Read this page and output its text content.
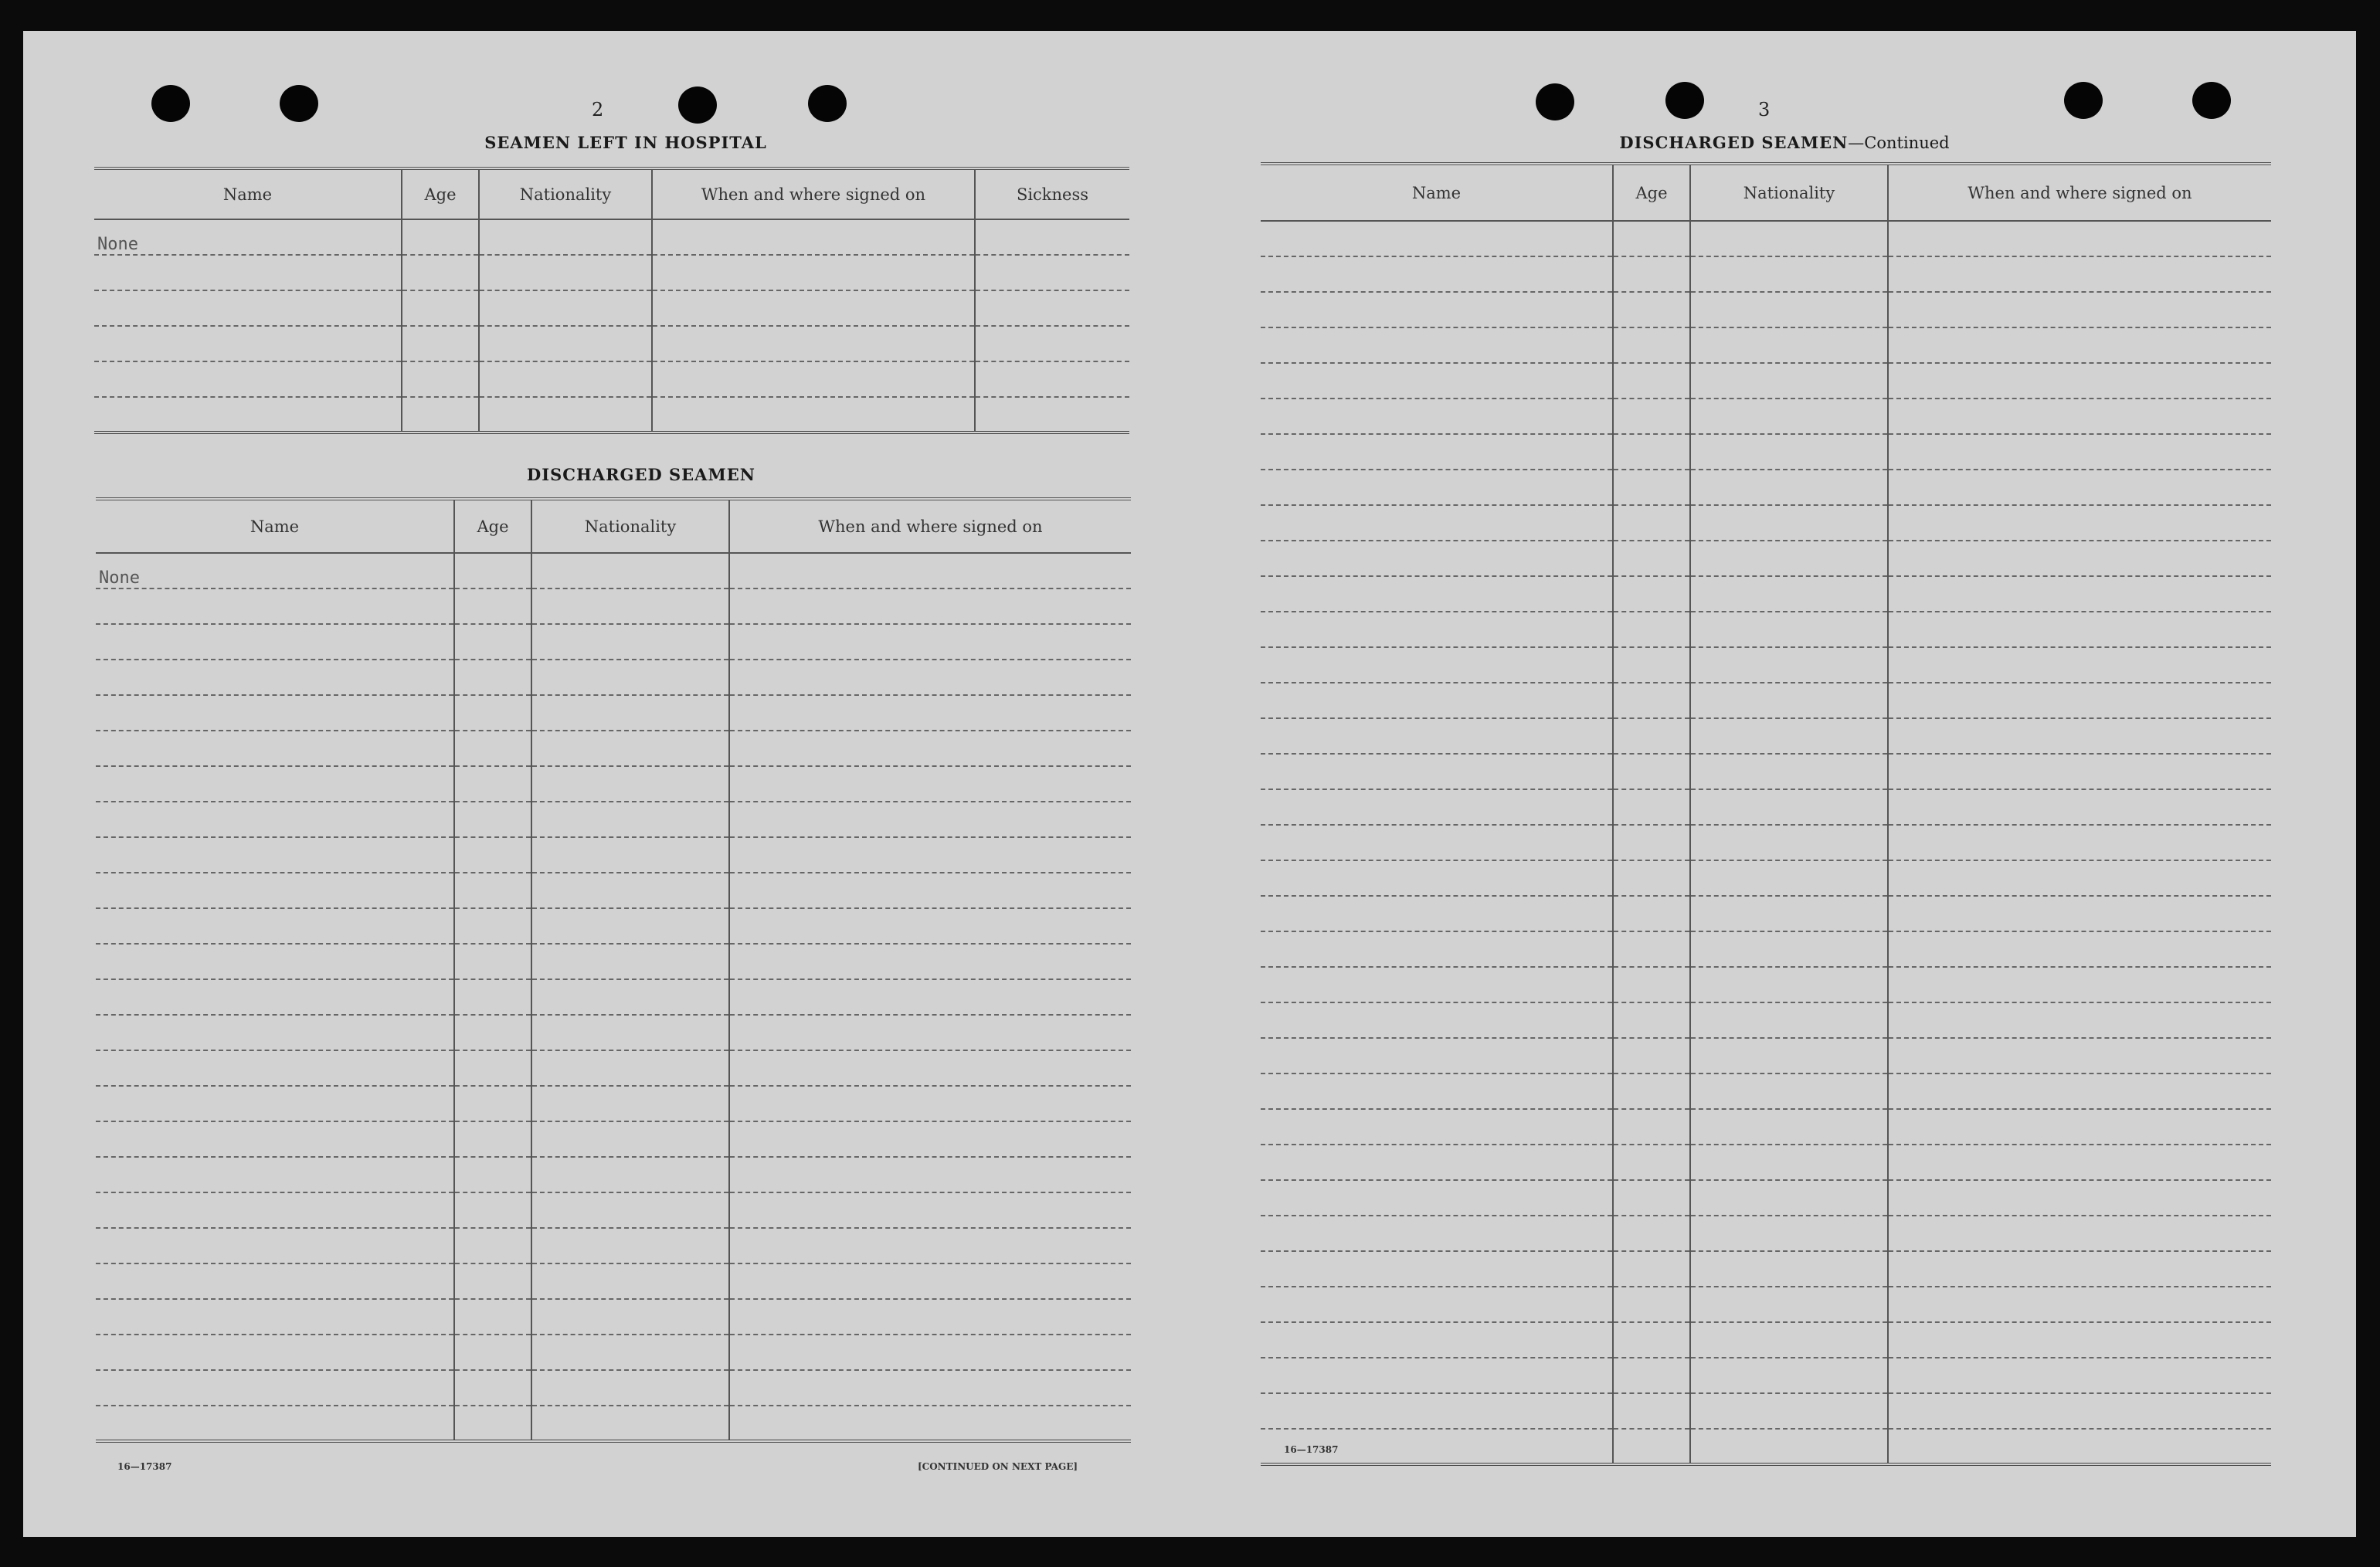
2
SEAMEN LEFT IN HOSPITAL
Name	Age	Nationality	When and where signed on	Sickness
None				

DISCHARGED SEAMEN
Name	Age	Nationality	When and where signed on
None			

16—17387	[CONTINUED ON NEXT PAGE]
3
DISCHARGED SEAMEN—Continued
Name	Age	Nationality	When and where signed on

16—17387
